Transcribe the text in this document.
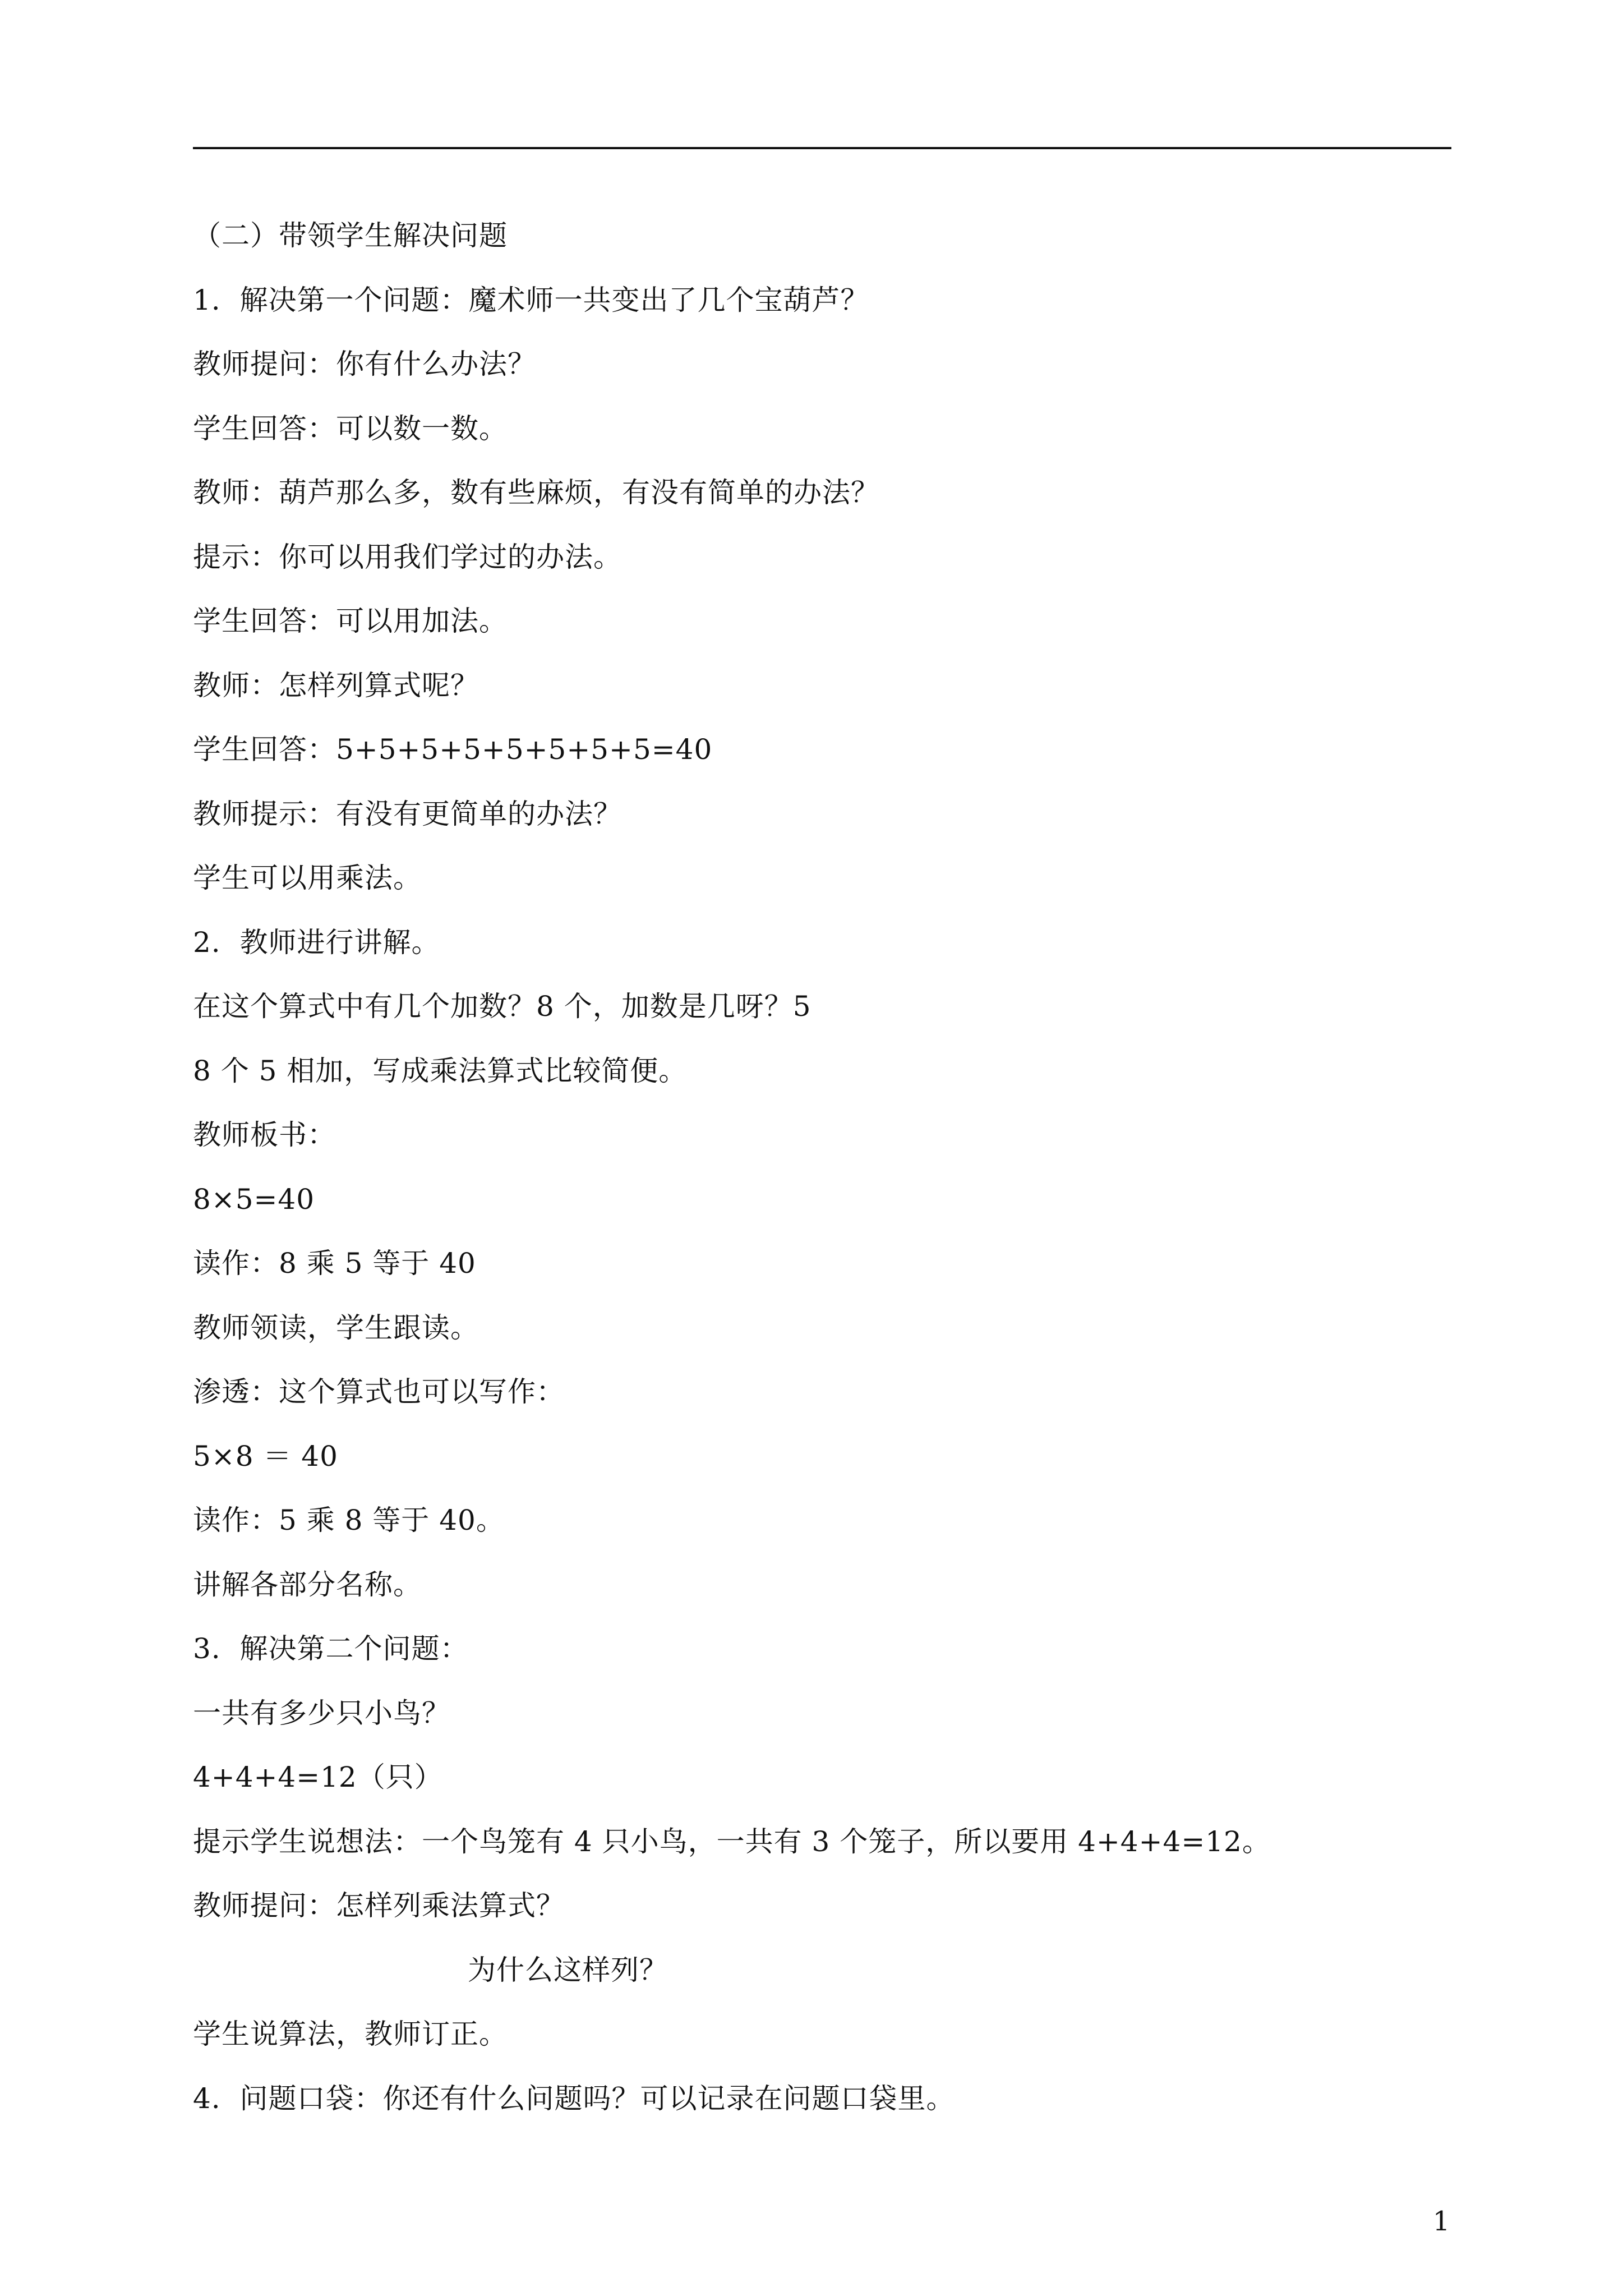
（二）带领学生解决问题
1.  解决第一个问题：魔术师一共变出了几个宝葫芦？
教师提问：你有什么办法？
学生回答：可以数一数。
教师：葫芦那么多，数有些麻烦，有没有简单的办法？
提示：你可以用我们学过的办法。
学生回答：可以用加法。
教师：怎样列算式呢？
学生回答：5+5+5+5+5+5+5+5=40
教师提示：有没有更简单的办法？
学生可以用乘法。
2.  教师进行讲解。
在这个算式中有几个加数？8 个，加数是几呀？5
8 个 5 相加，写成乘法算式比较简便。
教师板书：
8×5=40
读作：8 乘 5 等于 40
教师领读，学生跟读。
渗透：这个算式也可以写作：
5×8 ＝ 40
读作：5 乘 8 等于 40。
讲解各部分名称。
3.  解决第二个问题：
一共有多少只小鸟？
4+4+4=12（只）
提示学生说想法：一个鸟笼有 4 只小鸟，一共有 3 个笼子，所以要用 4+4+4=12。
教师提问：怎样列乘法算式？
为什么这样列？
学生说算法，教师订正。
4.  问题口袋：你还有什么问题吗？可以记录在问题口袋里。
1
